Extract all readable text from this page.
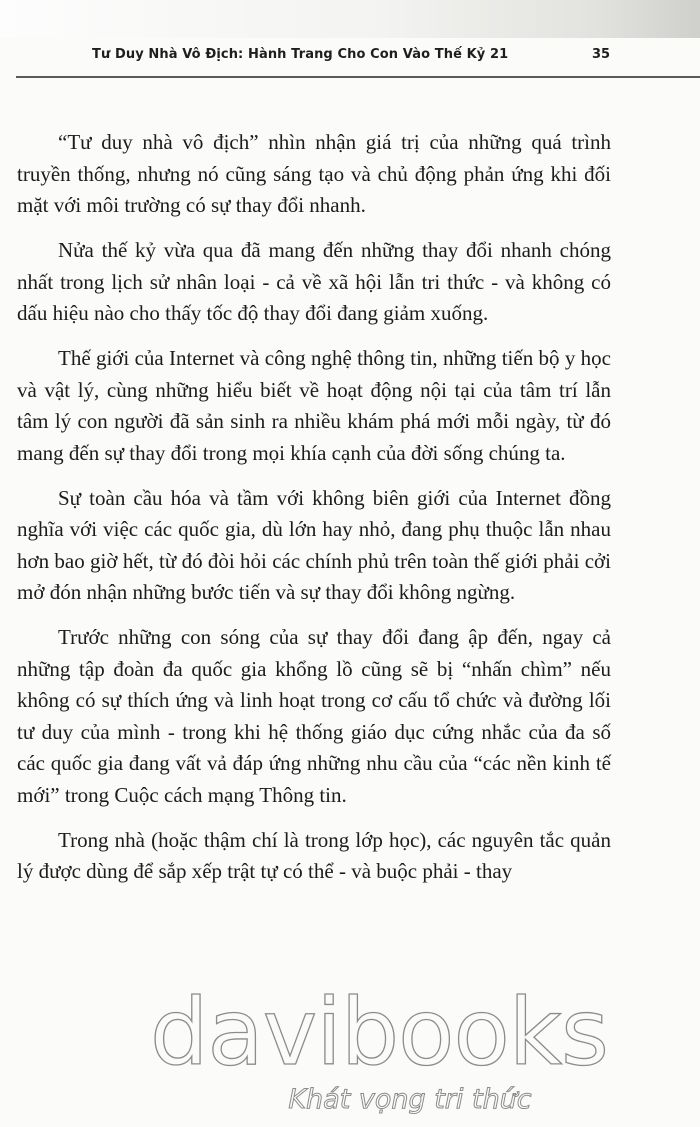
Tư Duy Nhà Vô Địch: Hành Trang Cho Con Vào Thế Kỷ 21	35

“Tư duy nhà vô địch” nhìn nhận giá trị của những quá trình truyền thống, nhưng nó cũng sáng tạo và chủ động phản ứng khi đối mặt với môi trường có sự thay đổi nhanh.

Nửa thế kỷ vừa qua đã mang đến những thay đổi nhanh chóng nhất trong lịch sử nhân loại - cả về xã hội lẫn tri thức - và không có dấu hiệu nào cho thấy tốc độ thay đổi đang giảm xuống.

Thế giới của Internet và công nghệ thông tin, những tiến bộ y học và vật lý, cùng những hiểu biết về hoạt động nội tại của tâm trí lẫn tâm lý con người đã sản sinh ra nhiều khám phá mới mỗi ngày, từ đó mang đến sự thay đổi trong mọi khía cạnh của đời sống chúng ta.

Sự toàn cầu hóa và tầm với không biên giới của Internet đồng nghĩa với việc các quốc gia, dù lớn hay nhỏ, đang phụ thuộc lẫn nhau hơn bao giờ hết, từ đó đòi hỏi các chính phủ trên toàn thế giới phải cởi mở đón nhận những bước tiến và sự thay đổi không ngừng.

Trước những con sóng của sự thay đổi đang ập đến, ngay cả những tập đoàn đa quốc gia khổng lồ cũng sẽ bị “nhấn chìm” nếu không có sự thích ứng và linh hoạt trong cơ cấu tổ chức và đường lối tư duy của mình - trong khi hệ thống giáo dục cứng nhắc của đa số các quốc gia đang vất vả đáp ứng những nhu cầu của “các nền kinh tế mới” trong Cuộc cách mạng Thông tin.

Trong nhà (hoặc thậm chí là trong lớp học), các nguyên tắc quản lý được dùng để sắp xếp trật tự có thể - và buộc phải - thay

davibooks
Khát vọng tri thức
